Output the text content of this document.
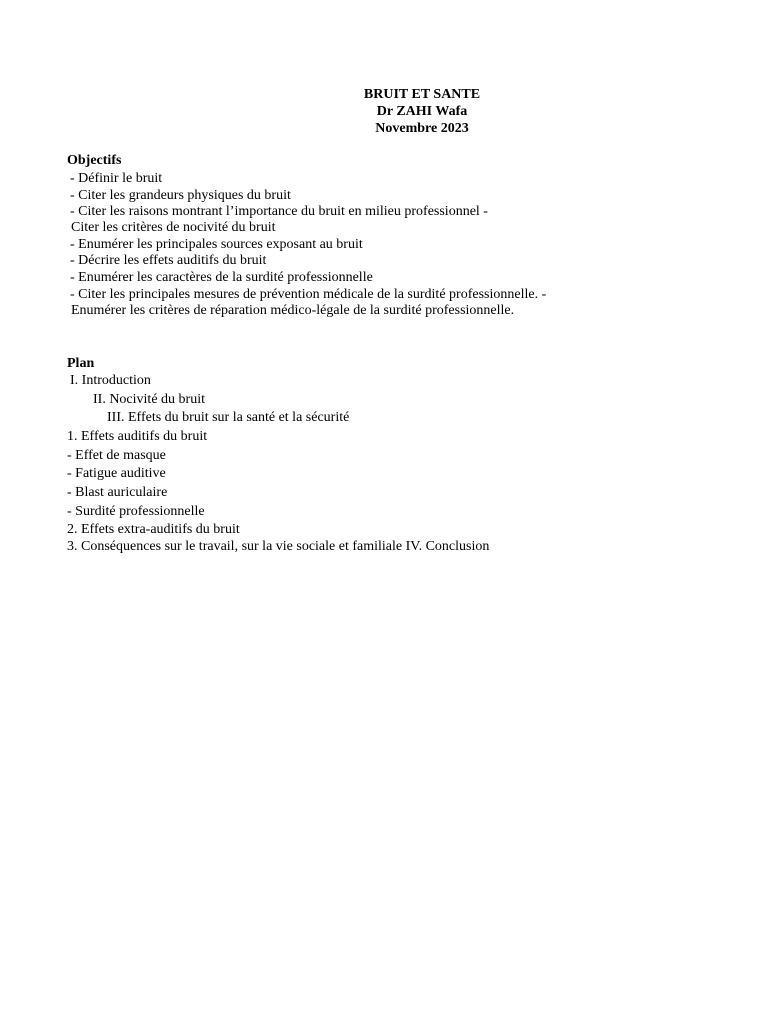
BRUIT ET SANTE
Dr ZAHI Wafa
Novembre 2023
Objectifs
- Définir le bruit
- Citer les grandeurs physiques du bruit
- Citer les raisons montrant l’importance du bruit en milieu professionnel -
Citer les critères de nocivité du bruit
- Enumérer les principales sources exposant au bruit
- Décrire les effets auditifs du bruit
- Enumérer les caractères de la surdité professionnelle
- Citer les principales mesures de prévention médicale de la surdité professionnelle. -
Enumérer les critères de réparation médico-légale de la surdité professionnelle.
Plan
I. Introduction
II. Nocivité du bruit
III. Effets du bruit sur la santé et la sécurité
1. Effets auditifs du bruit
- Effet de masque
- Fatigue auditive
- Blast auriculaire
- Surdité professionnelle
2. Effets extra-auditifs du bruit
3. Conséquences sur le travail, sur la vie sociale et familiale IV. Conclusion
